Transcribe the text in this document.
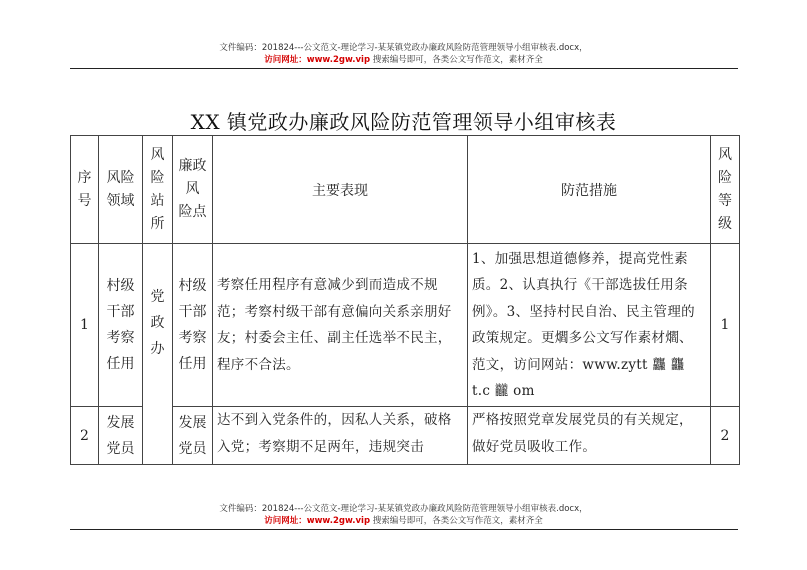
文件编码：201824---公文范文-理论学习-某某镇党政办廉政风险防范管理领导小组审核表.docx，
访问网址：www.2gw.vip 搜索编号即可，各类公文写作范文，素材齐全
XX 镇党政办廉政风险防范管理领导小组审核表
序
号	风险
领域	风
险
站
所	廉政
风
险点	主要表现	防范措施	风
险
等
级

1	村级
干部
考察
任用	党
政
办	村级
干部
考察
任用	考察任用程序有意减少到而造成不规范；考察村级干部有意偏向关系亲朋好友；村委会主任、副主任选举不民主，程序不合法。	1、加强思想道德修养，提高党性素质。2、认真执行《干部选拔任用条例》。3、坚持村民自治、民主管理的政策规定。更爓多公文写作素材爓、范文，访问网站：www.zytt 龘 龘 t.c 龖 om	1
2	发展
党员		发展
党员	达不到入党条件的，因私人关系，破格入党；考察期不足两年，违规突击	严格按照党章发展党员的有关规定，做好党员吸收工作。	2
文件编码：201824---公文范文-理论学习-某某镇党政办廉政风险防范管理领导小组审核表.docx，
访问网址：www.2gw.vip 搜索编号即可，各类公文写作范文，素材齐全
